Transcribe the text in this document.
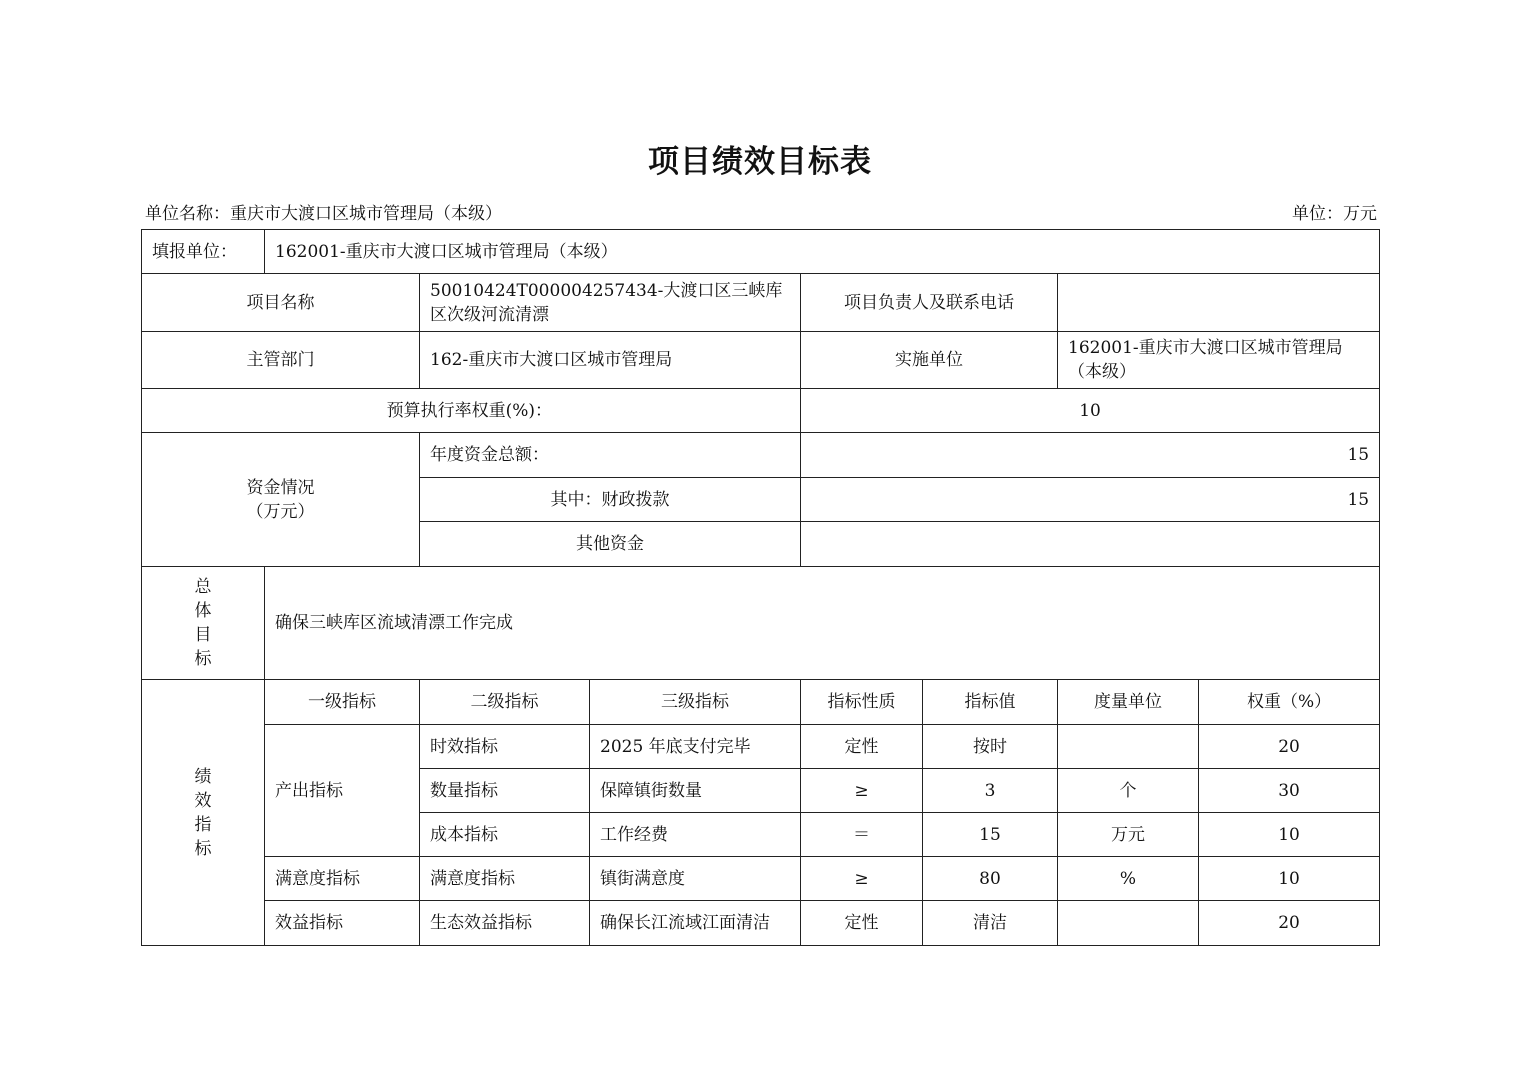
项目绩效目标表
单位名称：重庆市大渡口区城市管理局（本级）	单位：万元
填报单位：	162001-重庆市大渡口区城市管理局（本级）						
项目名称		50010424T000004257434-大渡口区三峡库区次级河流清漂		项目负责人及联系电话			
主管部门		162-重庆市大渡口区城市管理局		实施单位		162001-重庆市大渡口区城市管理局（本级）	
预算执行率权重(%)：				10			

资金情况
（万元）		年度资金总额：		15			
		其中：财政拨款		15			
		其他资金					

总
体
目
标	确保三峡库区流域清漂工作完成						

绩
效
指
标	一级指标	二级指标	三级指标	指标性质	指标值	度量单位	权重（%）
	产出指标	时效指标	2025 年底支付完毕	定性	按时		20
		数量指标	保障镇街数量	≥	3	个	30
		成本指标	工作经费	＝	15	万元	10
	满意度指标	满意度指标	镇街满意度	≥	80	%	10
	效益指标	生态效益指标	确保长江流域江面清洁	定性	清洁		20
